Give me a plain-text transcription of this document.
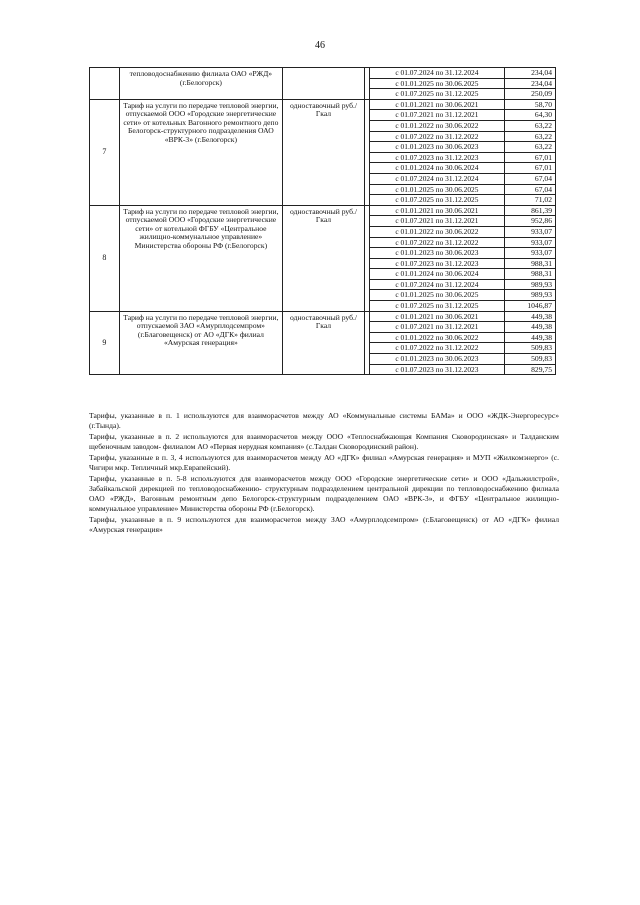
46
	тепловодоснабжению филиала ОАО «РЖД» (г.Белогорск)			с 01.07.2024 по 31.12.2024	234,04
				с 01.01.2025 по 30.06.2025	234,04
				с 01.07.2025 по 31.12.2025	250,09
7	Тариф на услуги по передаче тепловой энергии, отпускаемой ООО «Городские энергетические сети» от котельных Вагонного ремонтного депо Белогорск-структурного подразделения ОАО «ВРК-3» (г.Белогорск)	одноставочный руб./Гкал		с 01.01.2021 по 30.06.2021	58,70
				с 01.07.2021 по 31.12.2021	64,30
				с 01.01.2022 по 30.06.2022	63,22
				с 01.07.2022 по 31.12.2022	63,22
				с 01.01.2023 по 30.06.2023	63,22
				с 01.07.2023 по 31.12.2023	67,01
				с 01.01.2024 по 30.06.2024	67,01
				с 01.07.2024 по 31.12.2024	67,04
				с 01.01.2025 по 30.06.2025	67,04
				с 01.07.2025 по 31.12.2025	71,02
8	Тариф на услуги по передаче тепловой энергии, отпускаемой ООО «Городские энергетические сети» от котельной ФГБУ «Центральное жилищно-коммунальное управление» Министерства обороны РФ (г.Белогорск)	одноставочный руб./Гкал		с 01.01.2021 по 30.06.2021	861,39
				с 01.07.2021 по 31.12.2021	952,86
				с 01.01.2022 по 30.06.2022	933,07
				с 01.07.2022 по 31.12.2022	933,07
				с 01.01.2023 по 30.06.2023	933,07
				с 01.07.2023 по 31.12.2023	988,31
				с 01.01.2024 по 30.06.2024	988,31
				с 01.07.2024 по 31.12.2024	989,93
				с 01.01.2025 по 30.06.2025	989,93
				с 01.07.2025 по 31.12.2025	1046,87
9	Тариф на услуги по передаче тепловой энергии, отпускаемой ЗАО «Амурплодсемпром» (г.Благовещенск) от АО «ДГК» филиал «Амурская генерация»	одноставочный руб./Гкал		с 01.01.2021 по 30.06.2021	449,38
				с 01.07.2021 по 31.12.2021	449,38
				с 01.01.2022 по 30.06.2022	449,38
				с 01.07.2022 по 31.12.2022	509,83
				с 01.01.2023 по 30.06.2023	509,83
				с 01.07.2023 по 31.12.2023	829,75

Тарифы, указанные в п. 1 используются для взаиморасчетов между АО «Коммунальные системы БАМа» и ООО «ЖДК-Энергоресурс» (г.Тында).

Тарифы, указанные в п. 2 используются для взаиморасчетов между ООО «Теплоснабжающая Компания Сковородинская» и Талданским щебеночным заводом- филиалом АО «Первая нерудная компания» (с.Талдан Сковородинский район).

Тарифы, указанные в п. 3, 4 используются для взаиморасчетов между АО «ДГК» филиал «Амурская генерация» и МУП «Жилкомэнерго» (с. Чигири мкр. Тепличный мкр.Еврапейский).

Тарифы, указанные в п. 5-8 используются для взаиморасчетов между ООО «Городские энергетические сети» и ООО «Дальжилстрой», Забайкальской дирекцией по тепловодоснабжению- структурным подразделением центральной дирекции по тепловодоснабжению филиала ОАО «РЖД», Вагонным ремонтным депо Белогорск-структурным подразделением ОАО «ВРК-3», и ФГБУ «Центральное жилищно-коммунальное управление» Министерства обороны РФ (г.Белогорск).

Тарифы, указанные в п. 9 используются для взаиморасчетов между ЗАО «Амурплодсемпром» (г.Благовещенск) от АО «ДГК» филиал «Амурская генерация»
